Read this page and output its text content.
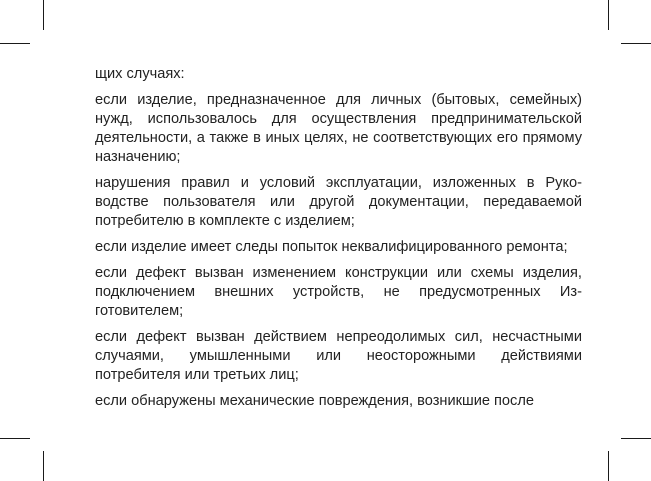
щих случаях:

если изделие, предназначенное для личных (бытовых, семейных) нужд, использовалось для осуществления предпринимательской деятельности, а также в иных целях, не соответствующих его прямому назначению;

нарушения правил и условий эксплуатации, изложенных в Руководстве пользователя или другой документации, передаваемой потребителю в комплекте с изделием;

если изделие имеет следы попыток неквалифицированного ремонта;

если дефект вызван изменением конструкции или схемы изделия, подключением внешних устройств, не предусмотренных Изготовителем;

если дефект вызван действием непреодолимых сил, несчастными случаями, умышленными или неосторожными действиями потребителя или третьих лиц;

если обнаружены механические повреждения, возникшие после
